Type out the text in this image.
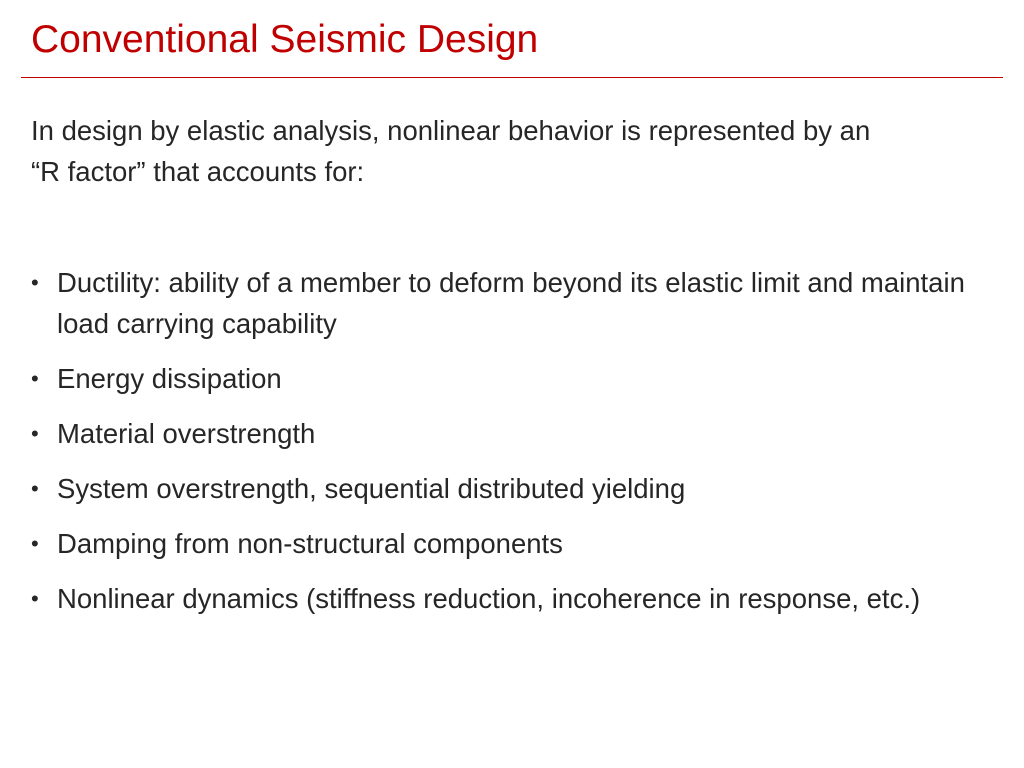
Conventional Seismic Design

In design by elastic analysis, nonlinear behavior is represented by an
“R factor” that accounts for:

• Ductility: ability of a member to deform beyond its elastic limit and maintain load carrying capability
• Energy dissipation
• Material overstrength
• System overstrength, sequential distributed yielding
• Damping from non-structural components
• Nonlinear dynamics (stiffness reduction, incoherence in response, etc.)
